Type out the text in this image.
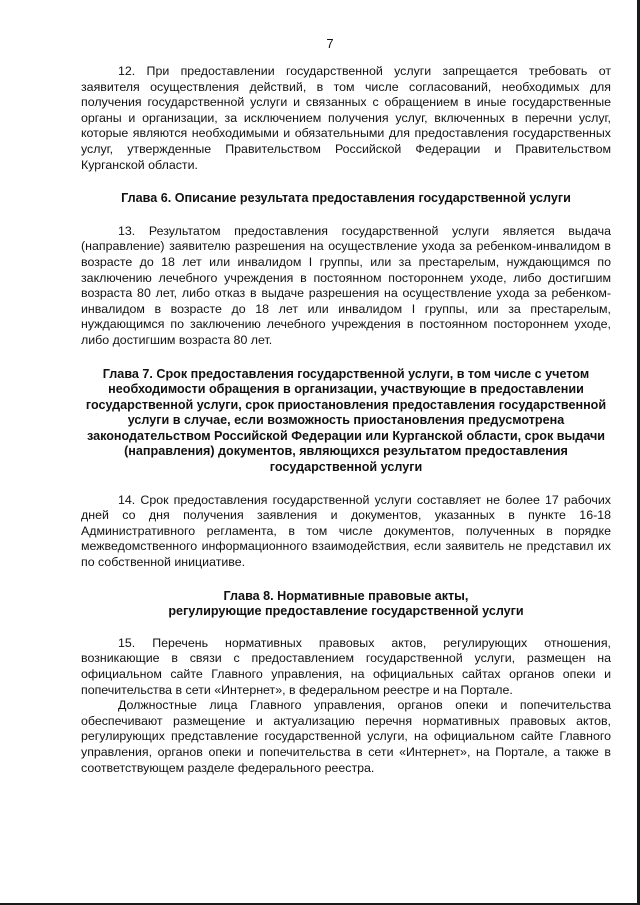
7

12. При предоставлении государственной услуги запрещается требовать от заявителя осуществления действий, в том числе согласований, необходимых для получения государственной услуги и связанных с обращением в иные государственные органы и организации, за исключением получения услуг, включенных в перечни услуг, которые являются необходимыми и обязательными для предоставления государственных услуг, утвержденные Правительством Российской Федерации и Правительством Курганской области.

Глава 6. Описание результата предоставления государственной услуги

13. Результатом предоставления государственной услуги является выдача (направление) заявителю разрешения на осуществление ухода за ребенком-инвалидом в возрасте до 18 лет или инвалидом I группы, или за престарелым, нуждающимся по заключению лечебного учреждения в постоянном постороннем уходе, либо достигшим возраста 80 лет, либо отказ в выдаче разрешения на осуществление ухода за ребенком-инвалидом в возрасте до 18 лет или инвалидом I группы, или за престарелым, нуждающимся по заключению лечебного учреждения в постоянном постороннем уходе, либо достигшим возраста 80 лет.

Глава 7. Срок предоставления государственной услуги, в том числе с учетом
необходимости обращения в организации, участвующие в предоставлении
государственной услуги, срок приостановления предоставления государственной
услуги в случае, если возможность приостановления предусмотрена
законодательством Российской Федерации или Курганской области, срок выдачи
(направления) документов, являющихся результатом предоставления
государственной услуги

14. Срок предоставления государственной услуги составляет не более 17 рабочих дней со дня получения заявления и документов, указанных в пункте 16-18 Административного регламента, в том числе документов, полученных в порядке межведомственного информационного взаимодействия, если заявитель не представил их по собственной инициативе.

Глава 8. Нормативные правовые акты,
регулирующие предоставление государственной услуги

15. Перечень нормативных правовых актов, регулирующих отношения, возникающие в связи с предоставлением государственной услуги, размещен на официальном сайте Главного управления, на официальных сайтах органов опеки и попечительства в сети «Интернет», в федеральном реестре и на Портале.

Должностные лица Главного управления, органов опеки и попечительства обеспечивают размещение и актуализацию перечня нормативных правовых актов, регулирующих представление государственной услуги, на официальном сайте Главного управления, органов опеки и попечительства в сети «Интернет», на Портале, а также в соответствующем разделе федерального реестра.
